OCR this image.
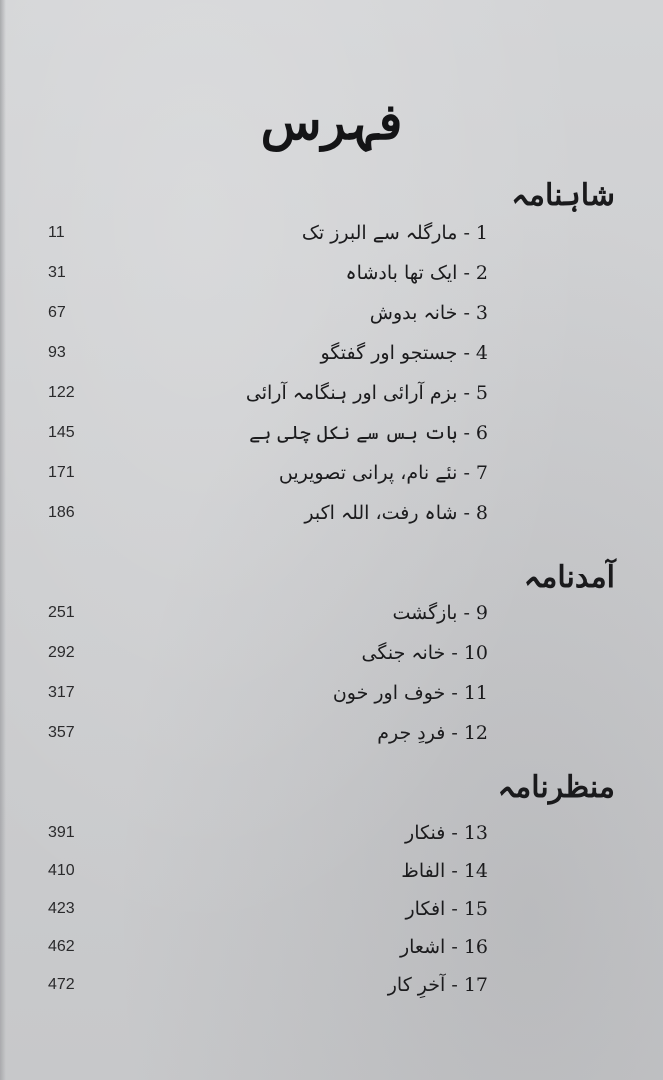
فہرس
شاہنامہ
1 - مارگلہ سے البرز تک
11
2 - ایک تھا بادشاہ
31
3 - خانہ بدوش
67
4 - جستجو اور گفتگو
93
5 - بزم آرائی اور ہنگامہ آرائی
122
6 - بات بس سے نکل چلی ہے
145
7 - نئے نام، پرانی تصویریں
171
8 - شاہ رفت، اللہ اکبر
186
آمدنامہ
9 - بازگشت
251
10 - خانہ جنگی
292
11 - خوف اور خون
317
12 - فردِ جرم
357
منظرنامہ
13 - فنکار
391
14 - الفاظ
410
15 - افکار
423
16 - اشعار
462
17 - آخرِ کار
472
